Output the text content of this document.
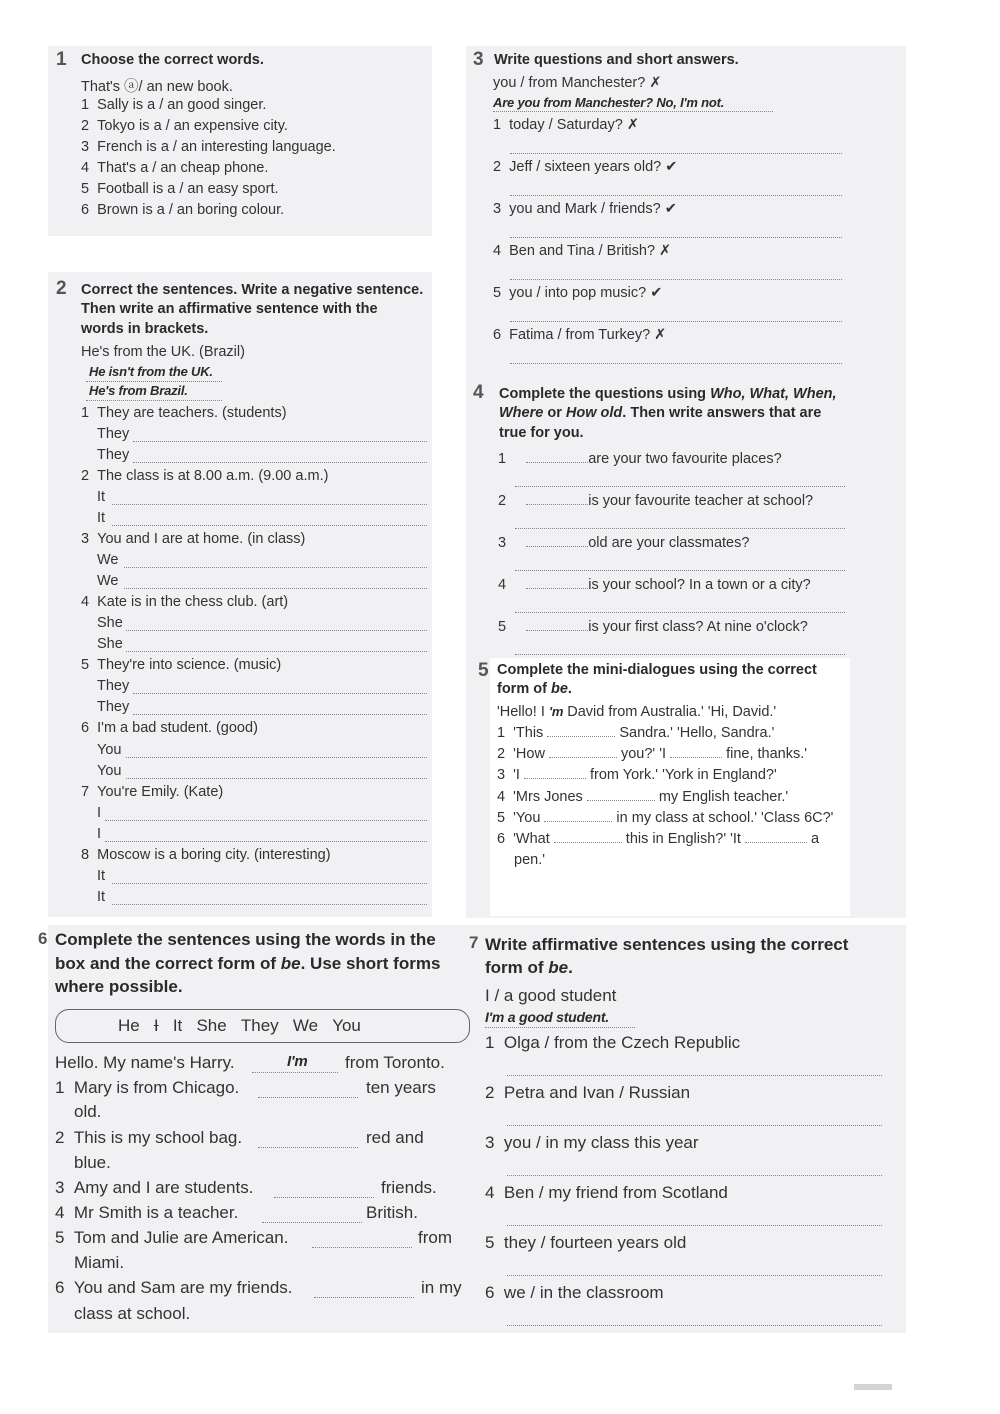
1 Choose the correct words.
That's ⓐ/ an new book.
1 Sally is a / an good singer.
2 Tokyo is a / an expensive city.
3 French is a / an interesting language.
4 That's a / an cheap phone.
5 Football is a / an easy sport.
6 Brown is a / an boring colour.
2 Correct the sentences. Write a negative sentence.
Then write an affirmative sentence with the
words in brackets.
He's from the UK. (Brazil)
He isn't from the UK.
He's from Brazil.
1 They are teachers. (students)
They
They
2 The class is at 8.00 a.m. (9.00 a.m.)
It
It
3 You and I are at home. (in class)
We
We
4 Kate is in the chess club. (art)
She
She
5 They're into science. (music)
They
They
6 I'm a bad student. (good)
You
You
7 You're Emily. (Kate)
I
I
8 Moscow is a boring city. (interesting)
It
It
3 Write questions and short answers.
you / from Manchester? ✗
Are you from Manchester? No, I'm not.
1 today / Saturday? ✗
2 Jeff / sixteen years old? ✔
3 you and Mark / friends? ✔
4 Ben and Tina / British? ✗
5 you / into pop music? ✔
6 Fatima / from Turkey? ✗
4 Complete the questions using Who, What, When,
Where or How old. Then write answers that are
true for you.
1	are your two favourite places?
2	is your favourite teacher at school?
3	old are your classmates?
4	is your school? In a town or a city?
5	is your first class? At nine o'clock?
5 Complete the mini-dialogues using the correct
form of be.
'Hello! I 'm David from Australia.' 'Hi, David.'
1 'This	Sandra.' 'Hello, Sandra.'
2 'How	you?' 'I	fine, thanks.'
3 'I	from York.' 'York in England?'
4 'Mrs Jones	my English teacher.'
5 'You	in my class at school.' 'Class 6C?'
6 'What	this in English?' 'It	a
pen.'
6 Complete the sentences using the words in the
box and the correct form of be. Use short forms
where possible.
He I It She They We You
Hello. My name's Harry.	I'm from Toronto.
1 Mary is from Chicago.	ten years
old.
2 This is my school bag.	red and
blue.
3 Amy and I are students.	friends.
4 Mr Smith is a teacher.	British.
5 Tom and Julie are American.	from
Miami.
6 You and Sam are my friends.	in my
class at school.
7 Write affirmative sentences using the correct
form of be.
I / a good student
I'm a good student.
1 Olga / from the Czech Republic
2 Petra and Ivan / Russian
3 you / in my class this year
4 Ben / my friend from Scotland
5 they / fourteen years old
6 we / in the classroom
